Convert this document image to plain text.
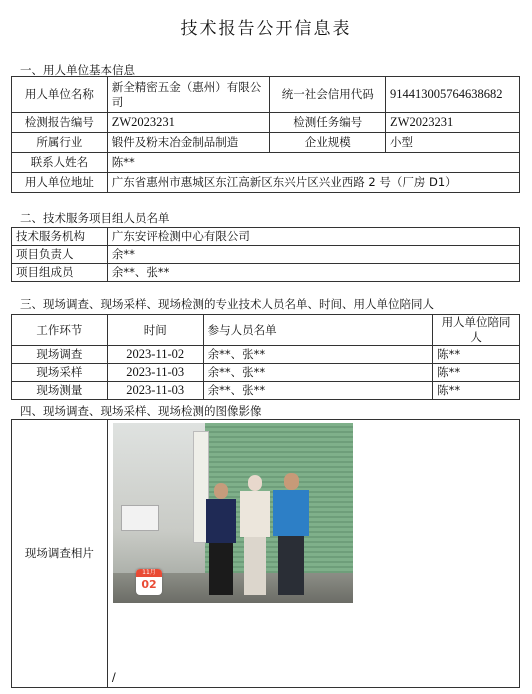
技术报告公开信息表
一、用人单位基本信息
用人单位名称	新全精密五金（惠州）有限公司	统一社会信用代码	91441300576463868​2
检测报告编号	ZW2023231	检测任务编号	ZW2023231
所属行业	锻件及粉末冶金制品制造	企业规模	小型
联系人姓名	陈**		
用人单位地址	广东省惠州市惠城区东江高新区东兴片区兴业西路 2 号（厂房 D1）		
二、技术服务项目组人员名单
技术服务机构	广东安评检测中心有限公司
项目负责人	余**
项目组成员	余**、张**
三、现场调查、现场采样、现场检测的专业技术人员名单、时间、用人单位陪同人
工作环节	时间	参与人员名单	用人单位陪同人
现场调查	2023-11-02	余**、张**	陈**
现场采样	2023-11-03	余**、张**	陈**
现场测量	2023-11-03	余**、张**	陈**
四、现场调查、现场采样、现场检测的图像影像
现场调查相片	/
11月
02
